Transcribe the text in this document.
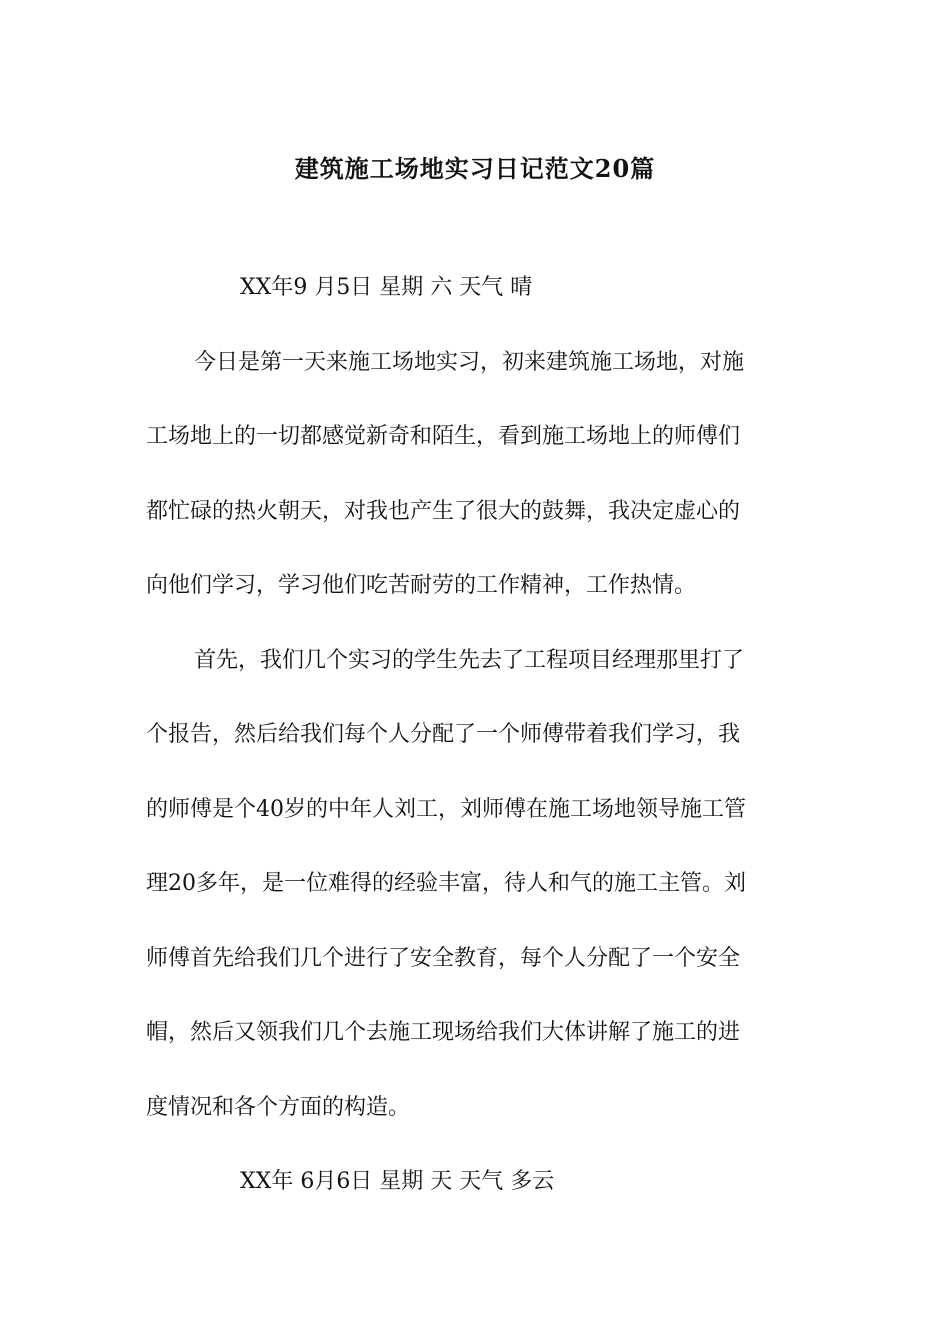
建筑施工场地实习日记范文20篇

XX年9 月5日 星期 六 天气 晴

今日是第一天来施工场地实习，初来建筑施工场地，对施
工场地上的一切都感觉新奇和陌生，看到施工场地上的师傅们
都忙碌的热火朝天，对我也产生了很大的鼓舞，我决定虚心的
向他们学习，学习他们吃苦耐劳的工作精神，工作热情。

首先，我们几个实习的学生先去了工程项目经理那里打了
个报告，然后给我们每个人分配了一个师傅带着我们学习，我
的师傅是个40岁的中年人刘工，刘师傅在施工场地领导施工管
理20多年，是一位难得的经验丰富，待人和气的施工主管。刘
师傅首先给我们几个进行了安全教育，每个人分配了一个安全
帽，然后又领我们几个去施工现场给我们大体讲解了施工的进
度情况和各个方面的构造。

XX年 6月6日 星期 天 天气 多云
